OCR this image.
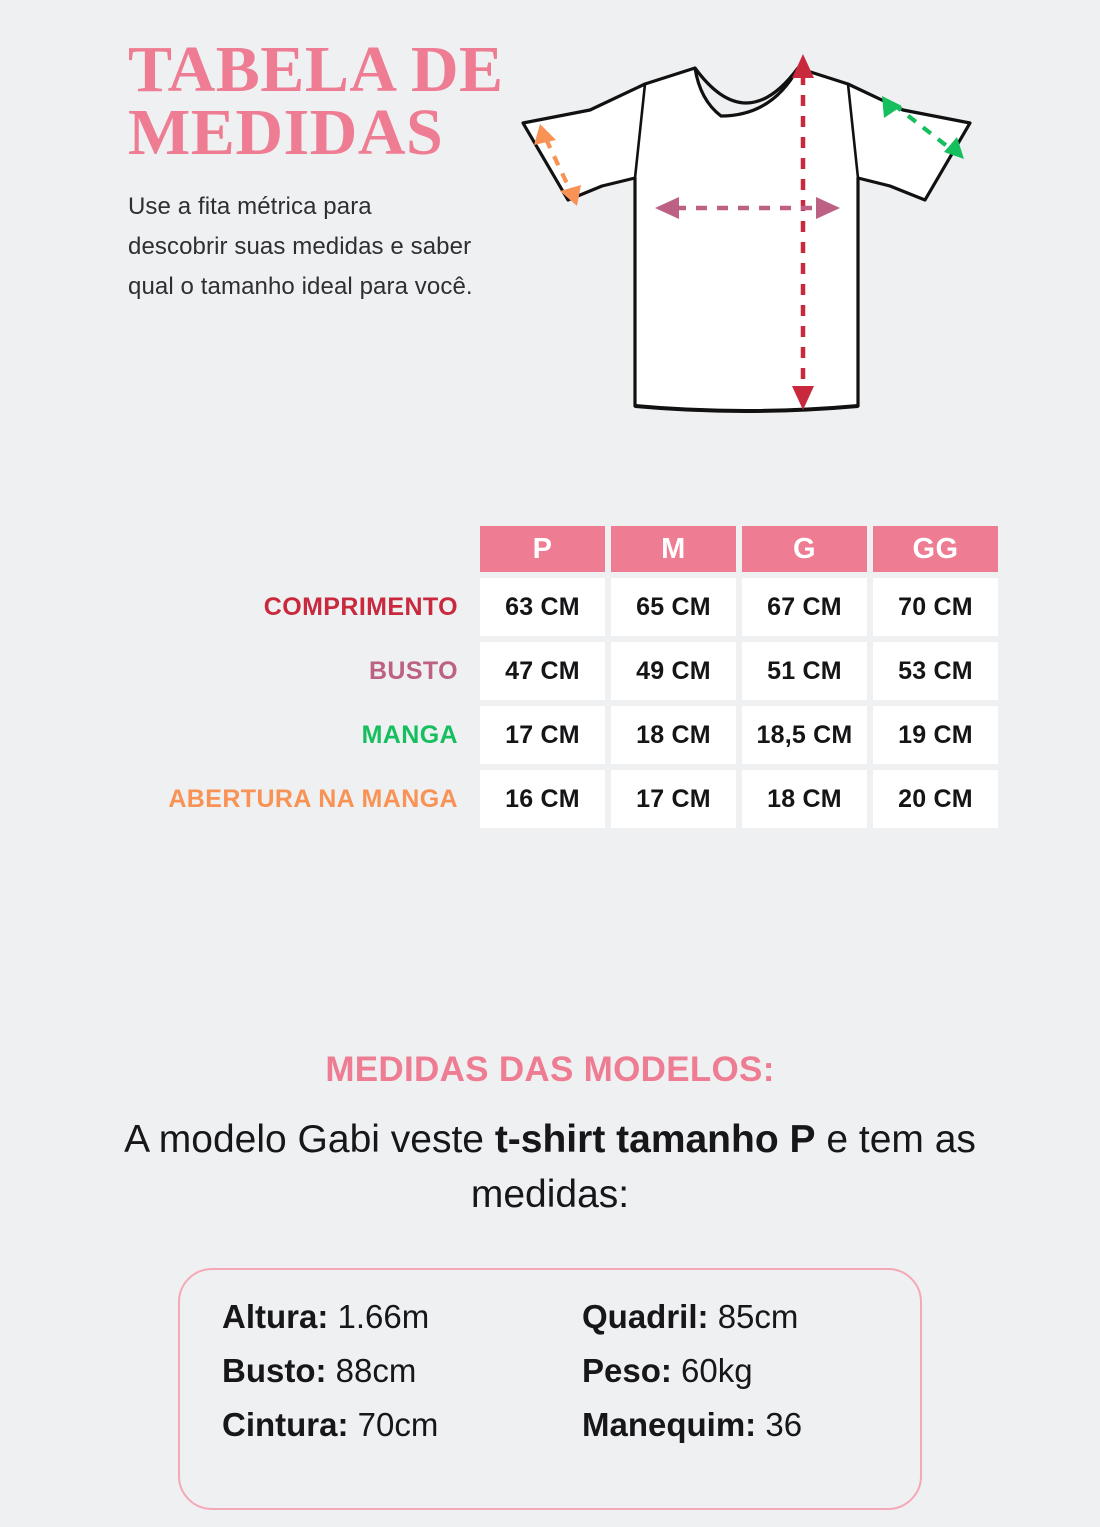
TABELA DE
MEDIDAS
Use a fita métrica para descobrir suas medidas e saber qual o tamanho ideal para você.
	P	M	G	GG
COMPRIMENTO	63 CM	65 CM	67 CM	70 CM
BUSTO	47 CM	49 CM	51 CM	53 CM
MANGA	17 CM	18 CM	18,5 CM	19 CM
ABERTURA NA MANGA	16 CM	17 CM	18 CM	20 CM
MEDIDAS DAS MODELOS:
A modelo Gabi veste t-shirt tamanho P e tem as medidas:
Altura: 1.66m	Quadril: 85cm
Busto: 88cm	Peso: 60kg
Cintura: 70cm	Manequim: 36
